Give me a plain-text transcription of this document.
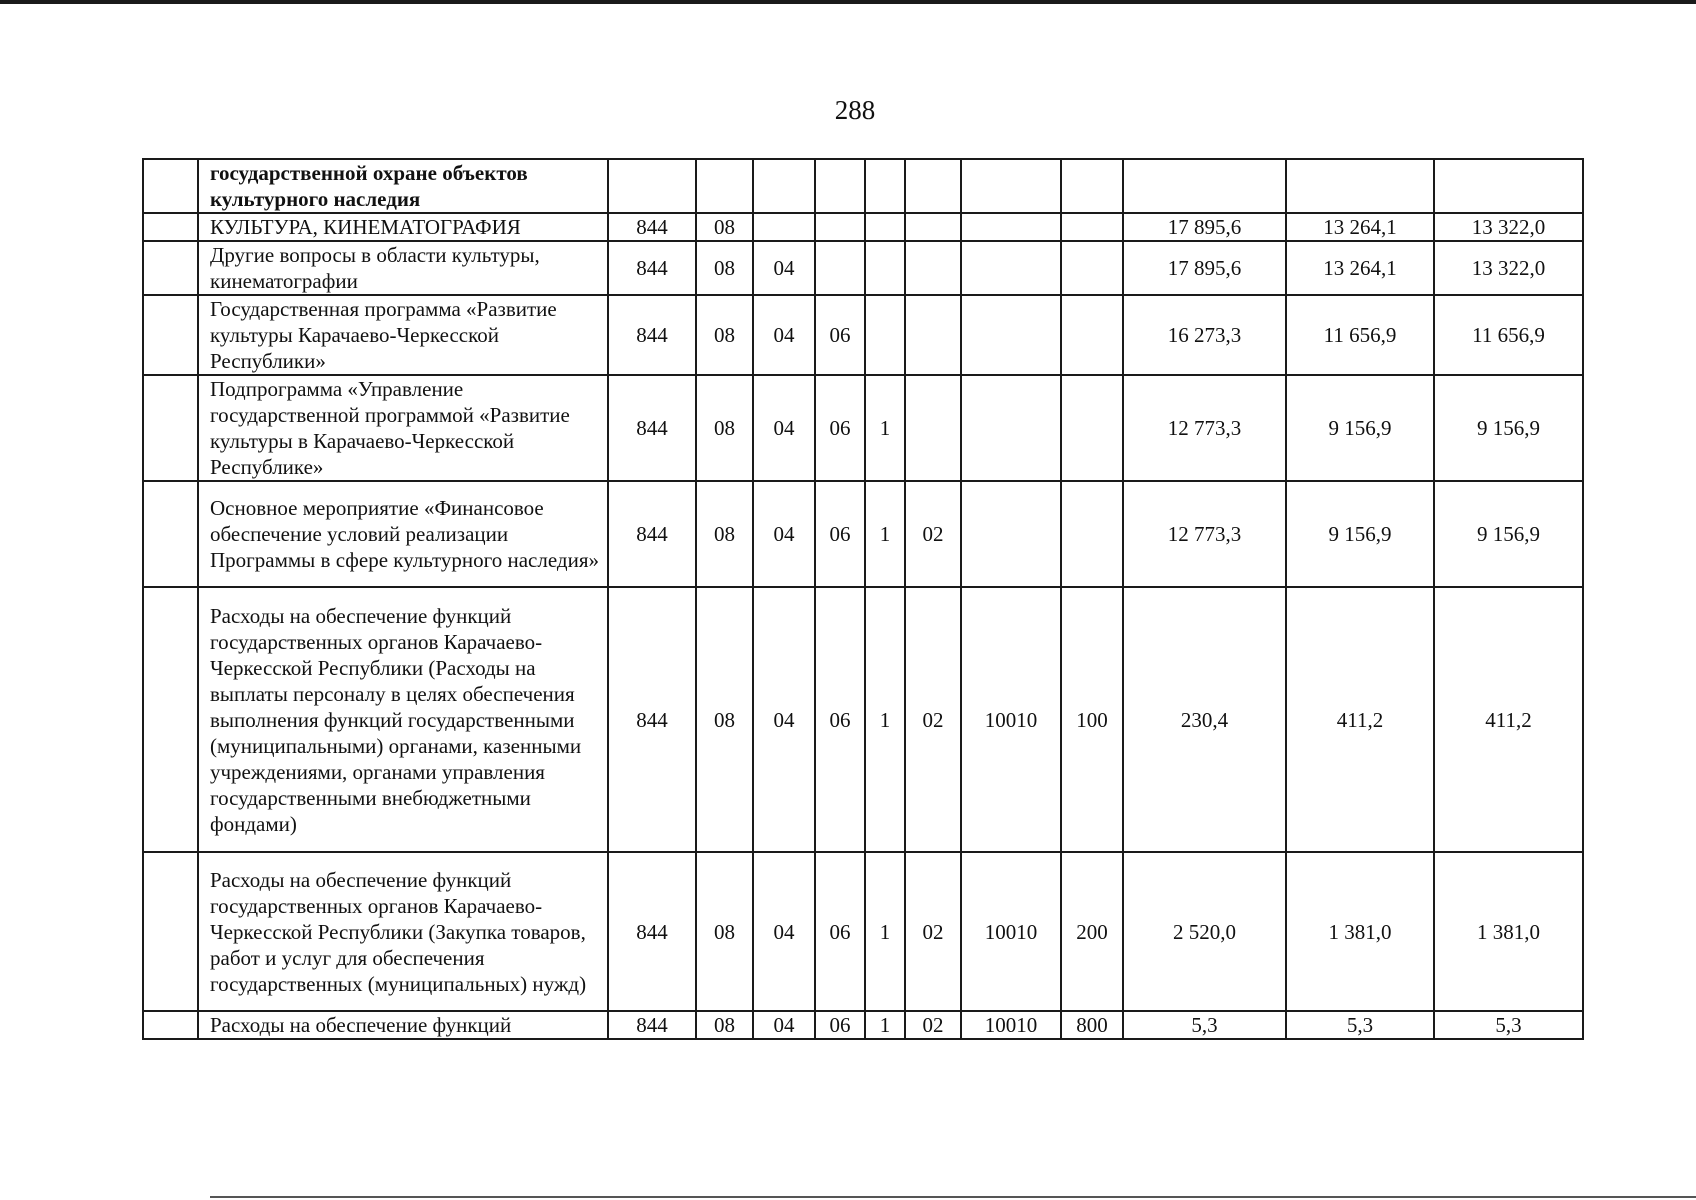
288
	государственной охране объектов культурного наследия											
	КУЛЬТУРА, КИНЕМАТОГРАФИЯ	844	08							17 895,6	13 264,1	13 322,0
	Другие вопросы в области культуры, кинематографии	844	08	04						17 895,6	13 264,1	13 322,0
	Государственная программа «Развитие культуры Карачаево-Черкесской Республики»	844	08	04	06					16 273,3	11 656,9	11 656,9
	Подпрограмма «Управление государственной программой «Развитие культуры в Карачаево-Черкесской Республике»	844	08	04	06	1				12 773,3	9 156,9	9 156,9
	Основное мероприятие «Финансовое обеспечение условий реализации Программы в сфере культурного наследия»	844	08	04	06	1	02			12 773,3	9 156,9	9 156,9
	Расходы на обеспечение функций государственных органов Карачаево-Черкесской Республики (Расходы на выплаты персоналу в целях обеспечения выполнения функций государственными (муниципальными) органами, казенными учреждениями, органами управления государственными внебюджетными фондами)	844	08	04	06	1	02	10010	100	230,4	411,2	411,2
	Расходы на обеспечение функций государственных органов Карачаево-Черкесской Республики (Закупка товаров, работ и услуг для обеспечения государственных (муниципальных) нужд)	844	08	04	06	1	02	10010	200	2 520,0	1 381,0	1 381,0
	Расходы на обеспечение функций	844	08	04	06	1	02	10010	800	5,3	5,3	5,3
